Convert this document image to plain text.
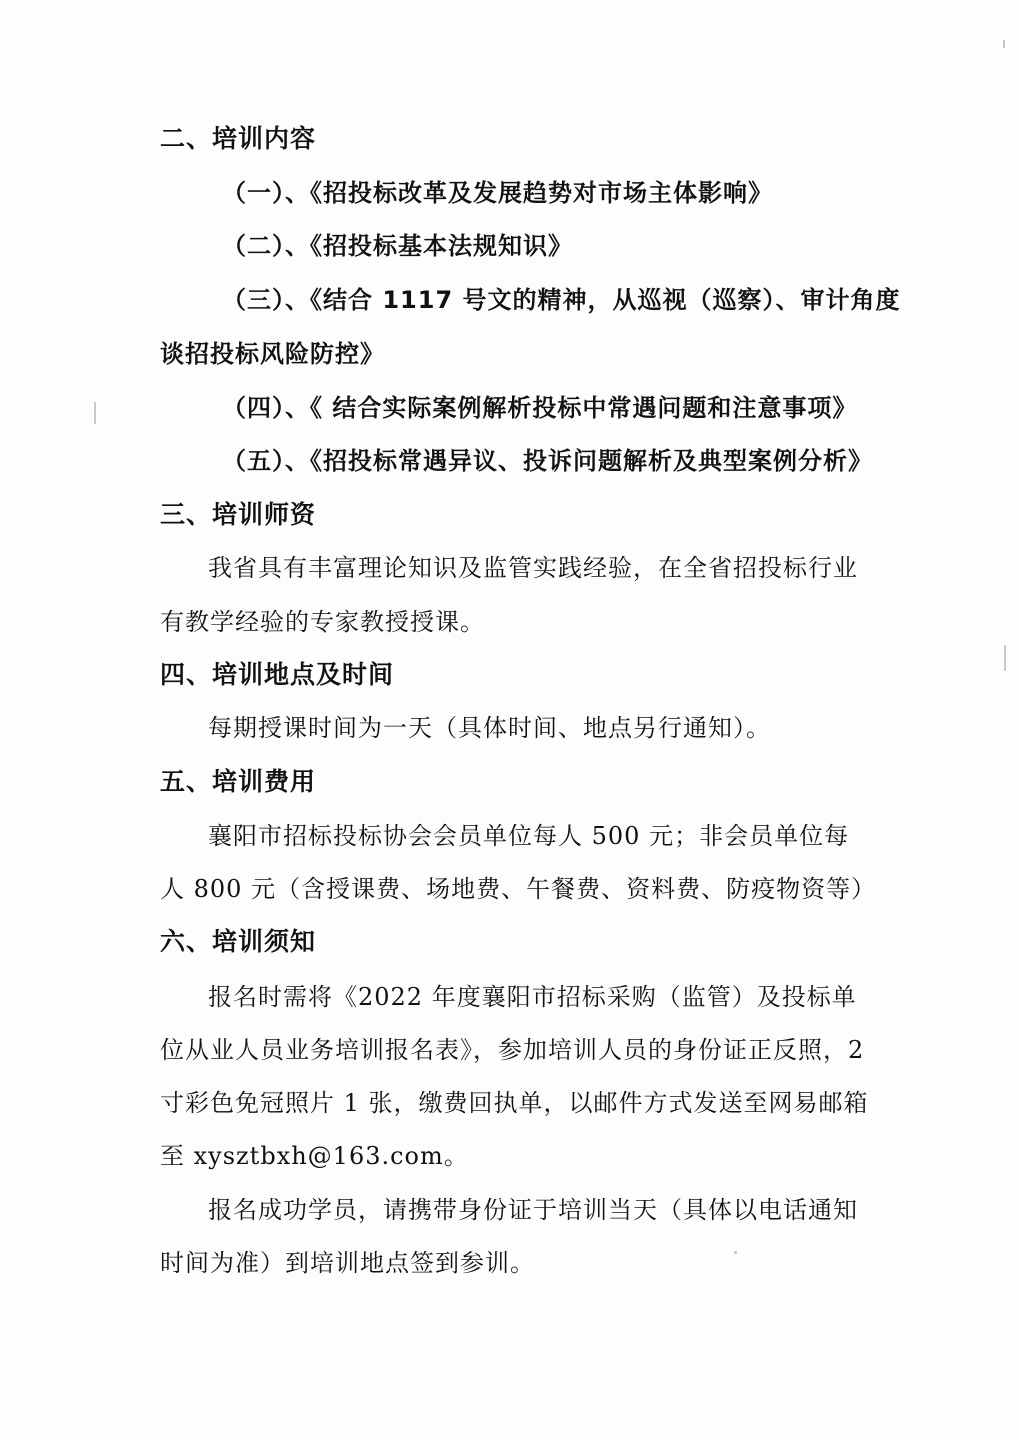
二、培训内容
（一）、《招投标改革及发展趋势对市场主体影响》
（二）、《招投标基本法规知识》
（三）、《结合 1117 号文的精神，从巡视（巡察）、审计角度
谈招投标风险防控》
（四）、《 结合实际案例解析投标中常遇问题和注意事项》
（五）、《招投标常遇异议、投诉问题解析及典型案例分析》
三、培训师资
我省具有丰富理论知识及监管实践经验，在全省招投标行业
有教学经验的专家教授授课。
四、培训地点及时间
每期授课时间为一天（具体时间、地点另行通知）。
五、培训费用
襄阳市招标投标协会会员单位每人 500 元；非会员单位每
人 800 元（含授课费、场地费、午餐费、资料费、防疫物资等）
六、培训须知
报名时需将《2022 年度襄阳市招标采购（监管）及投标单
位从业人员业务培训报名表》，参加培训人员的身份证正反照，2
寸彩色免冠照片 1 张，缴费回执单，以邮件方式发送至网易邮箱
至 xysztbxh@163.com。
报名成功学员，请携带身份证于培训当天（具体以电话通知
时间为准）到培训地点签到参训。
